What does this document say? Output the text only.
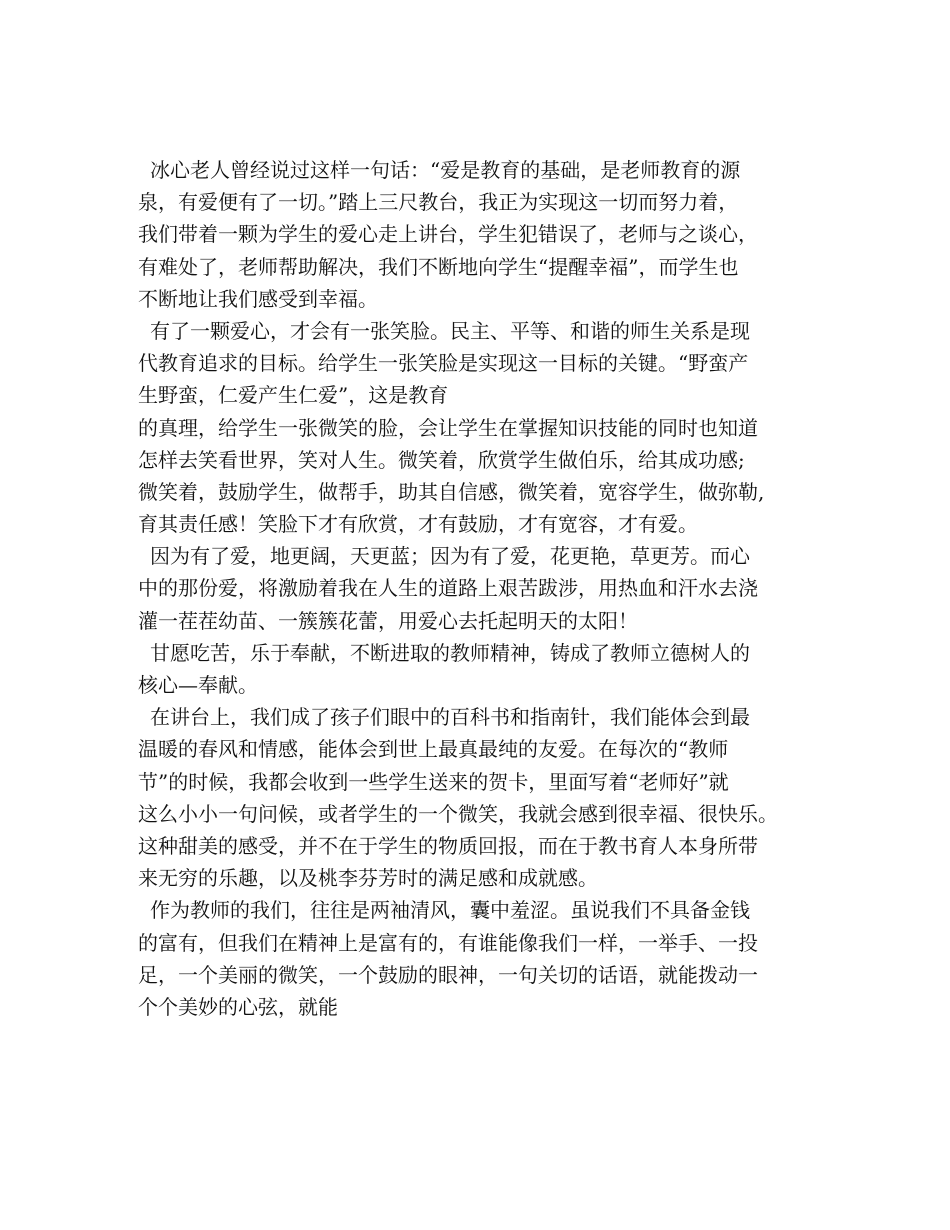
冰心老人曾经说过这样一句话：“爱是教育的基础，是老师教育的源
泉，有爱便有了一切。”踏上三尺教台，我正为实现这一切而努力着，
我们带着一颗为学生的爱心走上讲台，学生犯错误了，老师与之谈心，
有难处了，老师帮助解决，我们不断地向学生“提醒幸福”，而学生也
不断地让我们感受到幸福。
有了一颗爱心，才会有一张笑脸。民主、平等、和谐的师生关系是现
代教育追求的目标。给学生一张笑脸是实现这一目标的关键。“野蛮产
生野蛮，仁爱产生仁爱”，这是教育
的真理，给学生一张微笑的脸，会让学生在掌握知识技能的同时也知道
怎样去笑看世界，笑对人生。微笑着，欣赏学生做伯乐，给其成功感;
微笑着，鼓励学生，做帮手，助其自信感，微笑着，宽容学生，做弥勒,
育其责任感！笑脸下才有欣赏，才有鼓励，才有宽容，才有爱。
因为有了爱，地更阔，天更蓝；因为有了爱，花更艳，草更芳。而心
中的那份爱，将激励着我在人生的道路上艰苦跋涉，用热血和汗水去浇
灌一茬茬幼苗、一簇簇花蕾，用爱心去托起明天的太阳！
甘愿吃苦，乐于奉献，不断进取的教师精神，铸成了教师立德树人的
核心—奉献。
在讲台上，我们成了孩子们眼中的百科书和指南针，我们能体会到最
温暖的春风和情感，能体会到世上最真最纯的友爱。在每次的“教师
节”的时候，我都会收到一些学生送来的贺卡，里面写着“老师好”就
这么小小一句问候，或者学生的一个微笑，我就会感到很幸福、很快乐。
这种甜美的感受，并不在于学生的物质回报，而在于教书育人本身所带
来无穷的乐趣，以及桃李芬芳时的满足感和成就感。
作为教师的我们，往往是两袖清风，囊中羞涩。虽说我们不具备金钱
的富有，但我们在精神上是富有的，有谁能像我们一样，一举手、一投
足，一个美丽的微笑，一个鼓励的眼神，一句关切的话语，就能拨动一
个个美妙的心弦，就能
